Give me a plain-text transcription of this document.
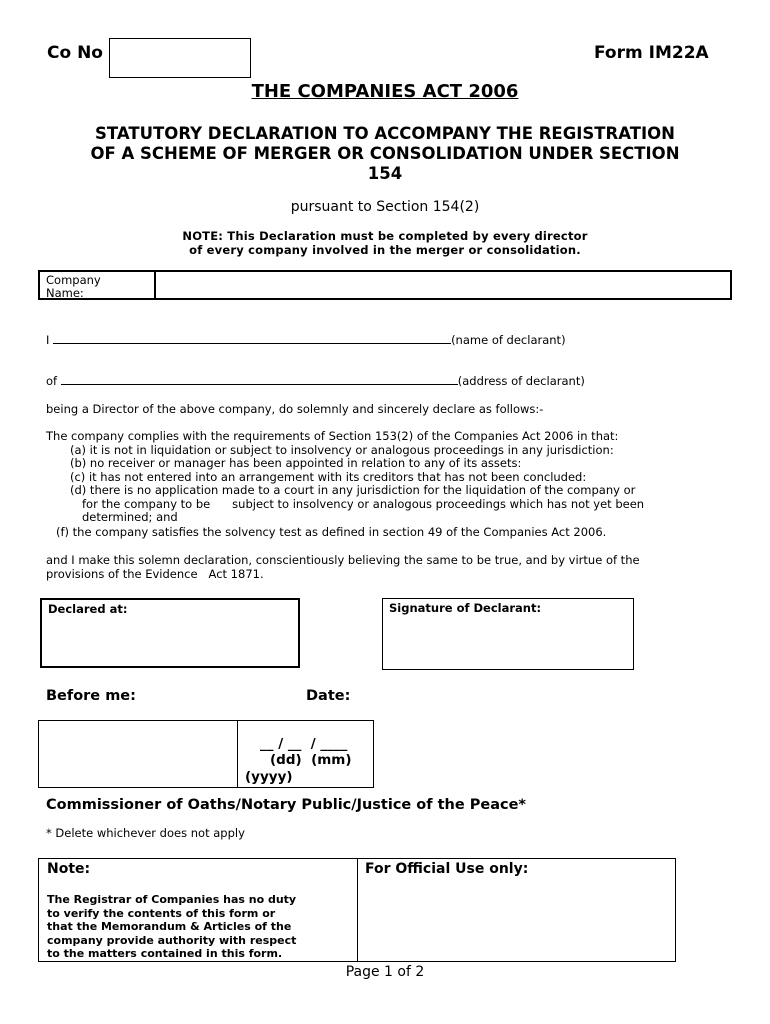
Co No	Form IM22A
THE COMPANIES ACT 2006
STATUTORY DECLARATION TO ACCOMPANY THE REGISTRATION
OF A SCHEME OF MERGER OR CONSOLIDATION UNDER SECTION
154
pursuant to Section 154(2)
NOTE: This Declaration must be completed by every director
of every company involved in the merger or consolidation.
Company
Name:
I	(name of declarant)
of	(address of declarant)
being a Director of the above company, do solemnly and sincerely declare as follows:-
The company complies with the requirements of Section 153(2) of the Companies Act 2006 in that:
(a) it is not in liquidation or subject to insolvency or analogous proceedings in any jurisdiction:
(b) no receiver or manager has been appointed in relation to any of its assets:
(c) it has not entered into an arrangement with its creditors that has not been concluded:
(d) there is no application made to a court in any jurisdiction for the liquidation of the company or
for the company to be      subject to insolvency or analogous proceedings which has not yet been
determined; and
(f) the company satisfies the solvency test as defined in section 49 of the Companies Act 2006.
and I make this solemn declaration, conscientiously believing the same to be true, and by virtue of the
provisions of the Evidence   Act 1871.
Declared at:	Signature of Declarant:
Before me:	Date:
__ / __  / ____
(dd)  (mm)
(yyyy)
Commissioner of Oaths/Notary Public/Justice of the Peace*
* Delete whichever does not apply
Note:
The Registrar of Companies has no duty
to verify the contents of this form or
that the Memorandum & Articles of the
company provide authority with respect
to the matters contained in this form.
For Official Use only:
Page 1 of 2
